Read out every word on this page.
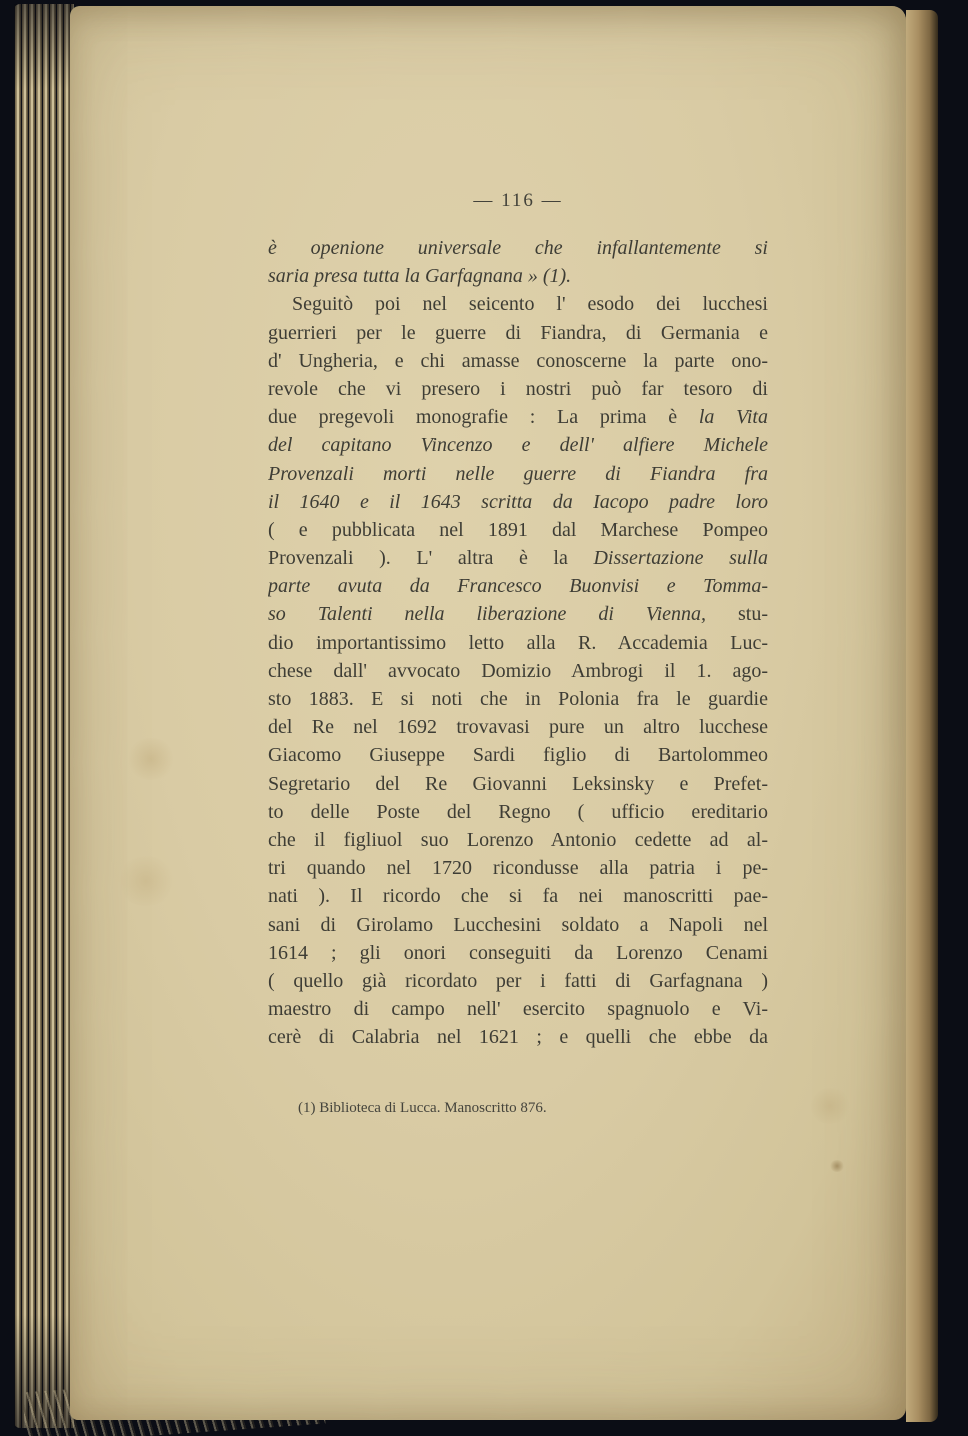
— 116 —
è openione universale che infallantemente si
saria presa tutta la Garfagnana » (1).
Seguitò poi nel seicento l' esodo dei lucchesi
guerrieri per le guerre di Fiandra, di Germania e
d' Ungheria, e chi amasse conoscerne la parte ono-
revole che vi presero i nostri può far tesoro di
due pregevoli monografie : La prima è la Vita
del capitano Vincenzo e dell' alfiere Michele
Provenzali morti nelle guerre di Fiandra fra
il 1640 e il 1643 scritta da Iacopo padre loro
( e pubblicata nel 1891 dal Marchese Pompeo
Provenzali ). L' altra è la Dissertazione sulla
parte avuta da Francesco Buonvisi e Tomma-
so Talenti nella liberazione di Vienna, stu-
dio importantissimo letto alla R. Accademia Luc-
chese dall' avvocato Domizio Ambrogi il 1. ago-
sto 1883. E si noti che in Polonia fra le guardie
del Re nel 1692 trovavasi pure un altro lucchese
Giacomo Giuseppe Sardi figlio di Bartolommeo
Segretario del Re Giovanni Leksinsky e Prefet-
to delle Poste del Regno ( ufficio ereditario
che il figliuol suo Lorenzo Antonio cedette ad al-
tri quando nel 1720 ricondusse alla patria i pe-
nati ). Il ricordo che si fa nei manoscritti pae-
sani di Girolamo Lucchesini soldato a Napoli nel
1614 ; gli onori conseguiti da Lorenzo Cenami
( quello già ricordato per i fatti di Garfagnana )
maestro di campo nell' esercito spagnuolo e Vi-
cerè di Calabria nel 1621 ; e quelli che ebbe da
(1) Biblioteca di Lucca. Manoscritto 876.
